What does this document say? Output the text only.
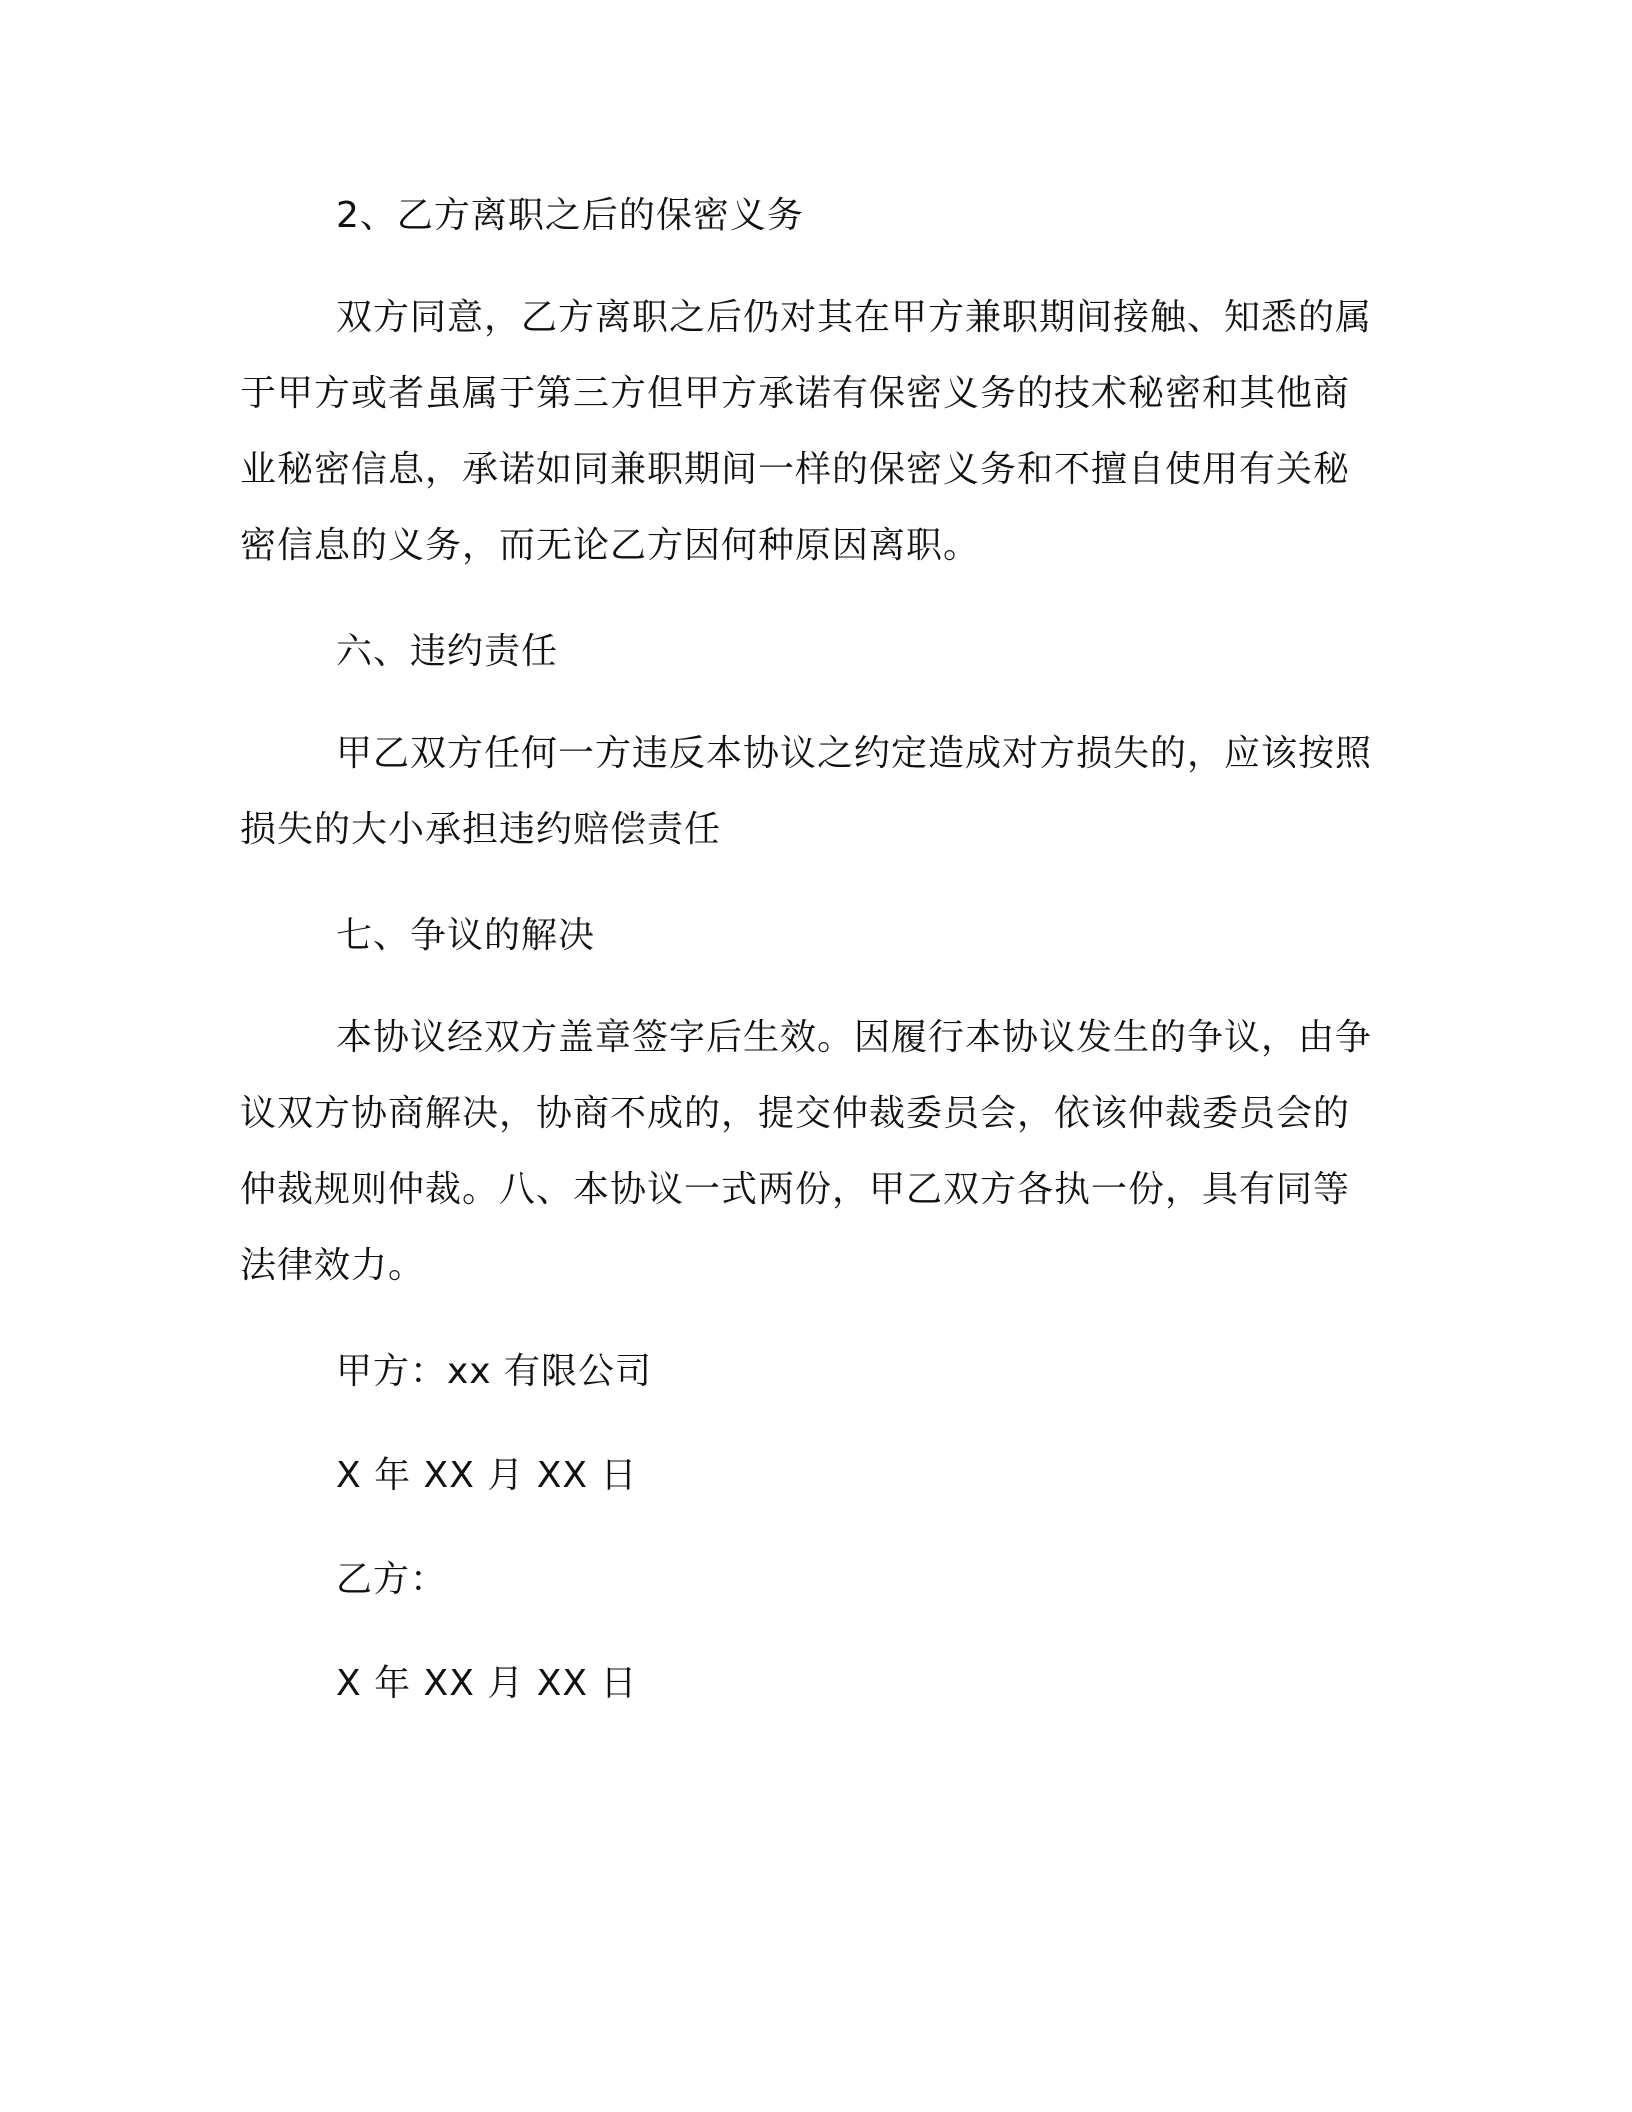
2、乙方离职之后的保密义务
双方同意，乙方离职之后仍对其在甲方兼职期间接触、知悉的属
于甲方或者虽属于第三方但甲方承诺有保密义务的技术秘密和其他商
业秘密信息，承诺如同兼职期间一样的保密义务和不擅自使用有关秘
密信息的义务，而无论乙方因何种原因离职。
六、违约责任
甲乙双方任何一方违反本协议之约定造成对方损失的，应该按照
损失的大小承担违约赔偿责任
七、争议的解决
本协议经双方盖章签字后生效。因履行本协议发生的争议，由争
议双方协商解决，协商不成的，提交仲裁委员会，依该仲裁委员会的
仲裁规则仲裁。八、本协议一式两份，甲乙双方各执一份，具有同等
法律效力。
甲方：xx 有限公司
X 年 XX 月 XX 日
乙方：
X 年 XX 月 XX 日
